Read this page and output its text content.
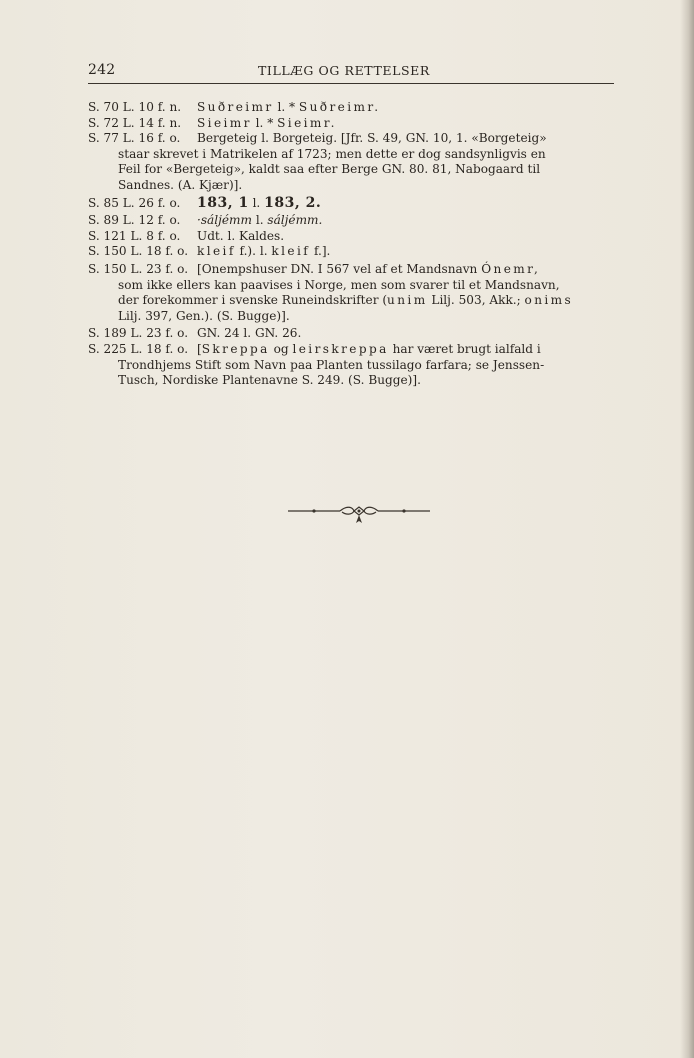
242	TILLÆG OG RETTELSER
S. 70 L. 10 f. n. Suðreimr l. * Suðreimr.
S. 72 L. 14 f. n. Sieimr l. * Sieimr.
S. 77 L. 16 f. o. Bergeteig l. Borgeteig. [Jfr. S. 49, GN. 10, 1. «Borgeteig»
staar skrevet i Matrikelen af 1723; men dette er dog sandsynligvis en
Feil for «Bergeteig», kaldt saa efter Berge GN. 80. 81, Nabogaard til
Sandnes. (A. Kjær)].
S. 85 L. 26 f. o. 183, 1 l. 183, 2.
S. 89 L. 12 f. o. ·sáljémm l. sáljémm.
S. 121 L. 8 f. o. Udt. l. Kaldes.
S. 150 L. 18 f. o. kleif f.). l. kleif f.].
S. 150 L. 23 f. o. [Onempshuser DN. I 567 vel af et Mandsnavn Ónemr,
som ikke ellers kan paavises i Norge, men som svarer til et Mandsnavn,
der forekommer i svenske Runeindskrifter (unim Lilj. 503, Akk.; onims
Lilj. 397, Gen.). (S. Bugge)].
S. 189 L. 23 f. o. GN. 24 l. GN. 26.
S. 225 L. 18 f. o. [Skreppa og leirskreppa har været brugt ialfald i
Trondhjems Stift som Navn paa Planten tussilago farfara; se Jenssen-
Tusch, Nordiske Plantenavne S. 249. (S. Bugge)].
